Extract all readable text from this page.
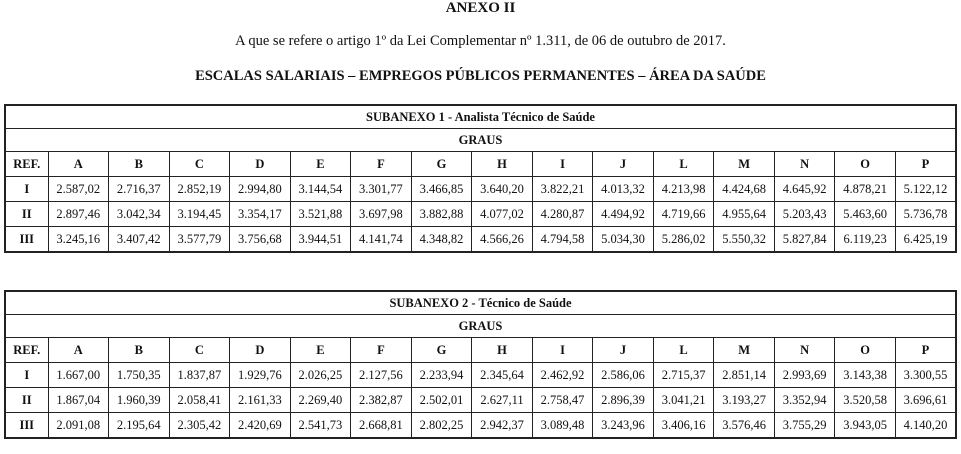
ANEXO II
A que se refere o artigo 1º da Lei Complementar nº 1.311, de 06 de outubro de 2017.
ESCALAS SALARIAIS – EMPREGOS PÚBLICOS PERMANENTES – ÁREA DA SAÚDE
SUBANEXO 1 - Analista Técnico de Saúde															
GRAUS															
REF.	A	B	C	D	E	F	G	H	I	J	L	M	N	O	P
I	2.587,02	2.716,37	2.852,19	2.994,80	3.144,54	3.301,77	3.466,85	3.640,20	3.822,21	4.013,32	4.213,98	4.424,68	4.645,92	4.878,21	5.122,12
II	2.897,46	3.042,34	3.194,45	3.354,17	3.521,88	3.697,98	3.882,88	4.077,02	4.280,87	4.494,92	4.719,66	4.955,64	5.203,43	5.463,60	5.736,78
III	3.245,16	3.407,42	3.577,79	3.756,68	3.944,51	4.141,74	4.348,82	4.566,26	4.794,58	5.034,30	5.286,02	5.550,32	5.827,84	6.119,23	6.425,19
SUBANEXO 2 - Técnico de Saúde															
GRAUS															
REF.	A	B	C	D	E	F	G	H	I	J	L	M	N	O	P
I	1.667,00	1.750,35	1.837,87	1.929,76	2.026,25	2.127,56	2.233,94	2.345,64	2.462,92	2.586,06	2.715,37	2.851,14	2.993,69	3.143,38	3.300,55
II	1.867,04	1.960,39	2.058,41	2.161,33	2.269,40	2.382,87	2.502,01	2.627,11	2.758,47	2.896,39	3.041,21	3.193,27	3.352,94	3.520,58	3.696,61
III	2.091,08	2.195,64	2.305,42	2.420,69	2.541,73	2.668,81	2.802,25	2.942,37	3.089,48	3.243,96	3.406,16	3.576,46	3.755,29	3.943,05	4.140,20
